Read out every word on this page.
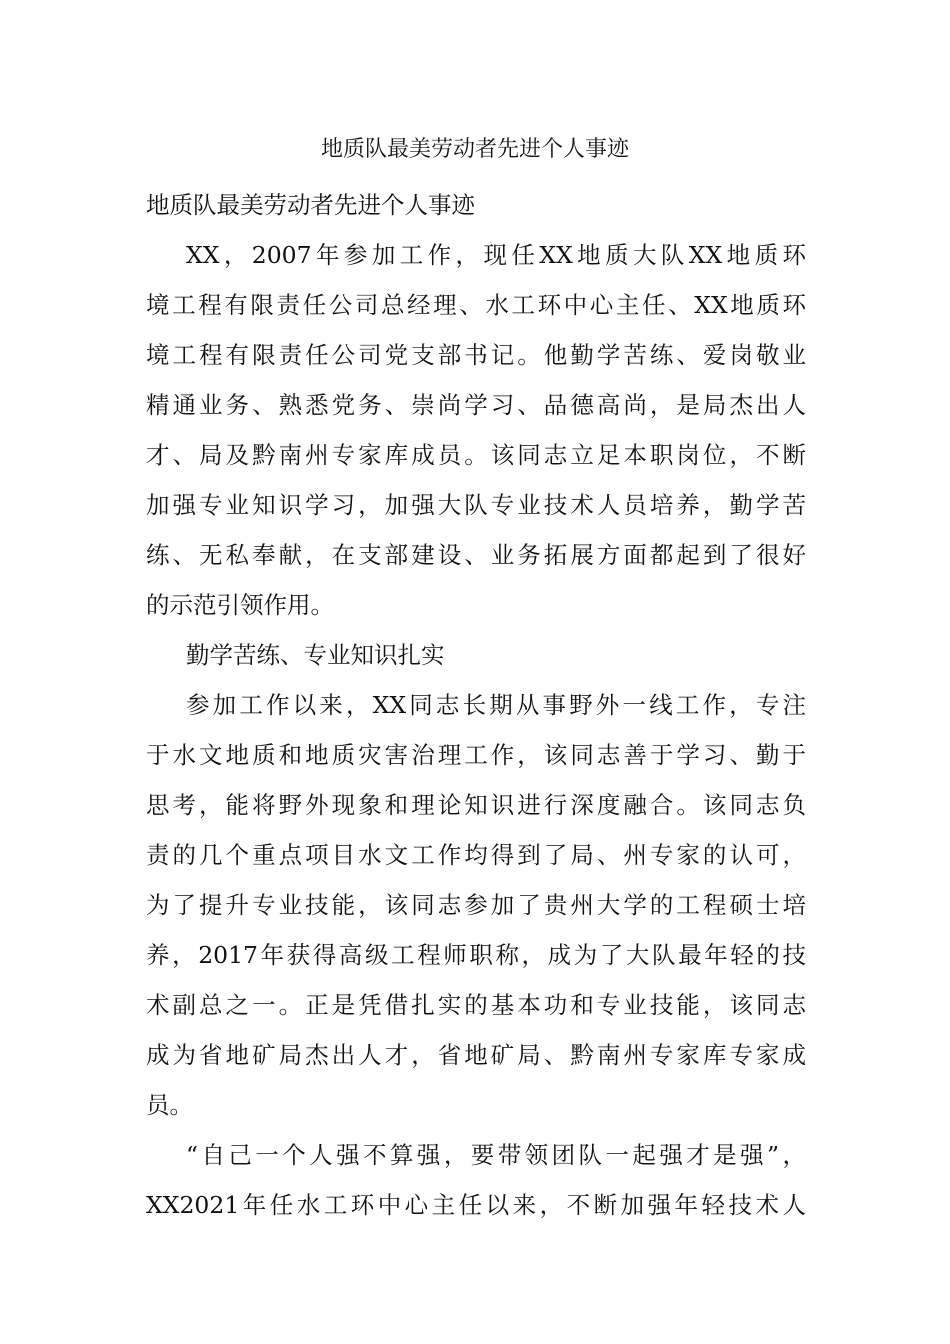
地质队最美劳动者先进个人事迹
地质队最美劳动者先进个人事迹
XX，2007年参加工作，现任XX地质大队XX地质环
境工程有限责任公司总经理、水工环中心主任、XX地质环
境工程有限责任公司党支部书记。他勤学苦练、爱岗敬业
精通业务、熟悉党务、崇尚学习、品德高尚，是局杰出人
才、局及黔南州专家库成员。该同志立足本职岗位，不断
加强专业知识学习，加强大队专业技术人员培养，勤学苦
练、无私奉献，在支部建设、业务拓展方面都起到了很好
的示范引领作用。
勤学苦练、专业知识扎实
参加工作以来，XX同志长期从事野外一线工作，专注
于水文地质和地质灾害治理工作，该同志善于学习、勤于
思考，能将野外现象和理论知识进行深度融合。该同志负
责的几个重点项目水文工作均得到了局、州专家的认可，
为了提升专业技能，该同志参加了贵州大学的工程硕士培
养，2017年获得高级工程师职称，成为了大队最年轻的技
术副总之一。正是凭借扎实的基本功和专业技能，该同志
成为省地矿局杰出人才，省地矿局、黔南州专家库专家成
员。
“自己一个人强不算强，要带领团队一起强才是强”，
XX2021年任水工环中心主任以来，不断加强年轻技术人
